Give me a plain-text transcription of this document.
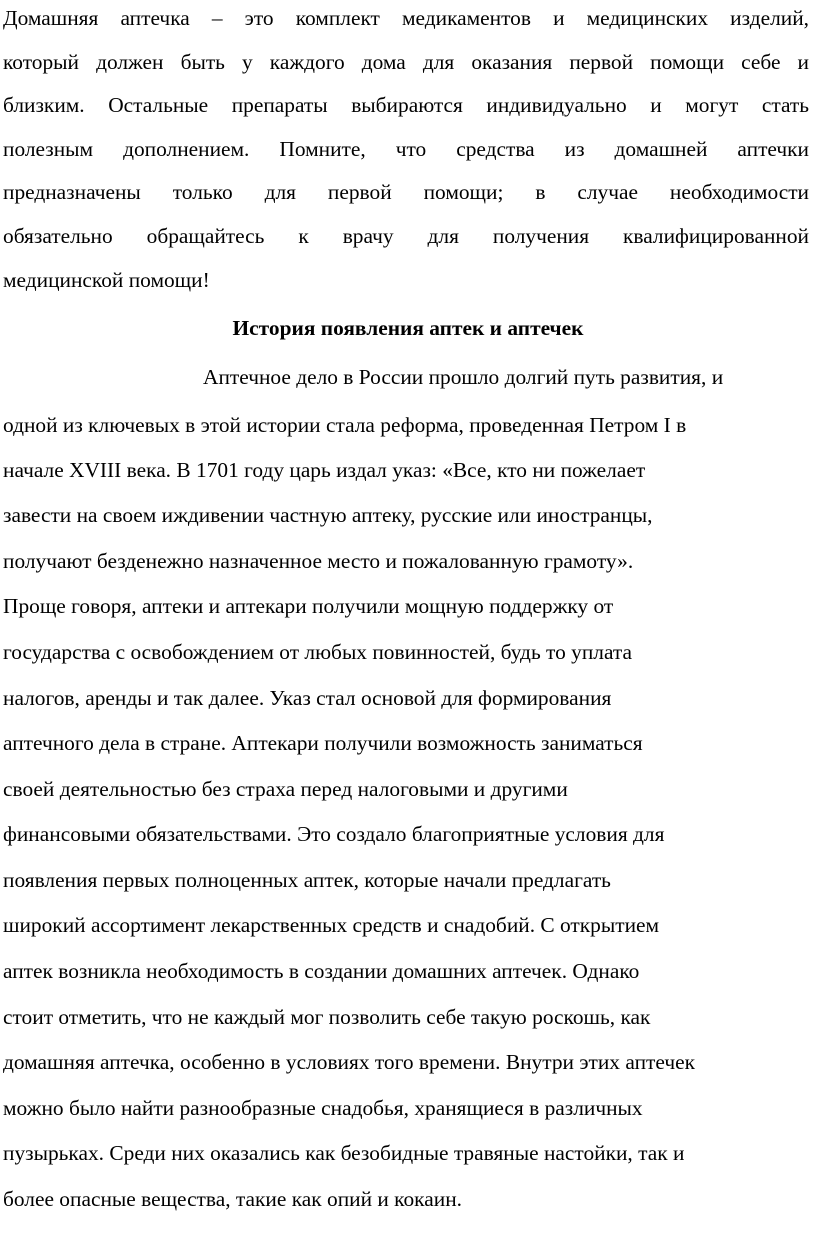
Домашняя аптечка – это комплект медикаментов и медицинских изделий,
который должен быть у каждого дома для оказания первой помощи себе и
близким. Остальные препараты выбираются индивидуально и могут стать
полезным дополнением. Помните, что средства из домашней аптечки
предназначены только для первой помощи; в случае необходимости
обязательно обращайтесь к врачу для получения квалифицированной
медицинской помощи!
История появления аптек и аптечек
Аптечное дело в России прошло долгий путь развития, и
одной из ключевых в этой истории стала реформа, проведенная Петром I в
начале XVIII века. В 1701 году царь издал указ: «Все, кто ни пожелает
завести на своем иждивении частную аптеку, русские или иностранцы,
получают безденежно назначенное место и пожалованную грамоту».
Проще говоря, аптеки и аптекари получили мощную поддержку от
государства с освобождением от любых повинностей, будь то уплата
налогов, аренды и так далее. Указ стал основой для формирования
аптечного дела в стране. Аптекари получили возможность заниматься
своей деятельностью без страха перед налоговыми и другими
финансовыми обязательствами. Это создало благоприятные условия для
появления первых полноценных аптек, которые начали предлагать
широкий ассортимент лекарственных средств и снадобий. С открытием
аптек возникла необходимость в создании домашних аптечек. Однако
стоит отметить, что не каждый мог позволить себе такую роскошь, как
домашняя аптечка, особенно в условиях того времени. Внутри этих аптечек
можно было найти разнообразные снадобья, хранящиеся в различных
пузырьках. Среди них оказались как безобидные травяные настойки, так и
более опасные вещества, такие как опий и кокаин.
